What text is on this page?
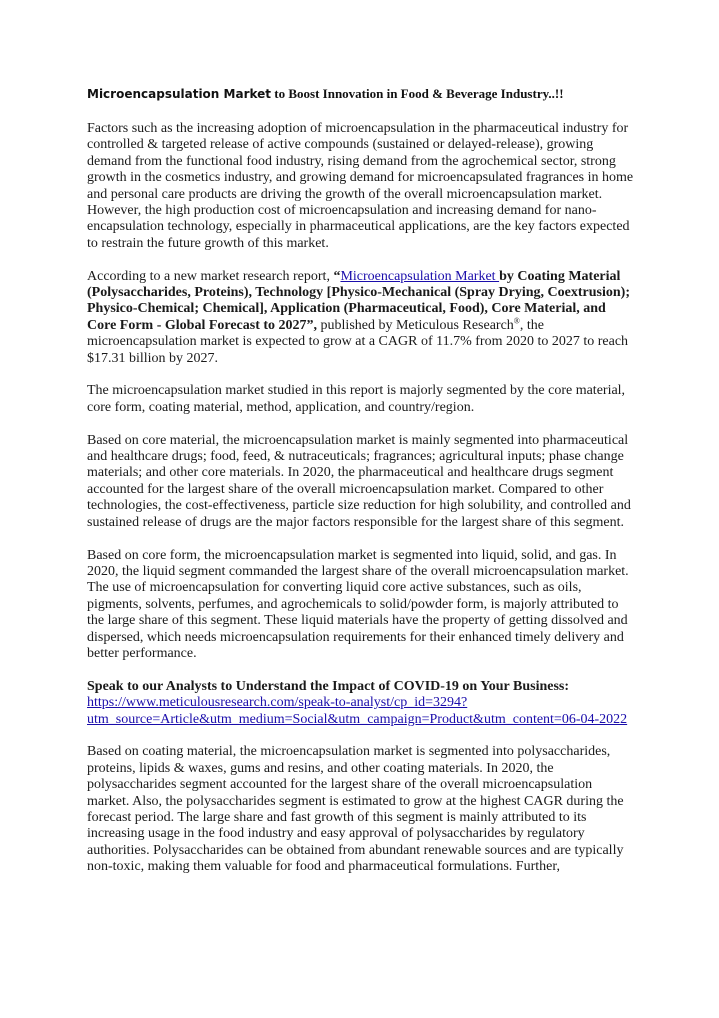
Microencapsulation Market to Boost Innovation in Food & Beverage Industry..!!

Factors such as the increasing adoption of microencapsulation in the pharmaceutical industry for controlled & targeted release of active compounds (sustained or delayed-release), growing demand from the functional food industry, rising demand from the agrochemical sector, strong growth in the cosmetics industry, and growing demand for microencapsulated fragrances in home and personal care products are driving the growth of the overall microencapsulation market. However, the high production cost of microencapsulation and increasing demand for nano-encapsulation technology, especially in pharmaceutical applications, are the key factors expected to restrain the future growth of this market.

According to a new market research report, “Microencapsulation Market by Coating Material (Polysaccharides, Proteins), Technology [Physico-Mechanical (Spray Drying, Coextrusion); Physico-Chemical; Chemical], Application (Pharmaceutical, Food), Core Material, and Core Form - Global Forecast to 2027”, published by Meticulous Research®, the microencapsulation market is expected to grow at a CAGR of 11.7% from 2020 to 2027 to reach $17.31 billion by 2027.

The microencapsulation market studied in this report is majorly segmented by the core material, core form, coating material, method, application, and country/region.

Based on core material, the microencapsulation market is mainly segmented into pharmaceutical and healthcare drugs; food, feed, & nutraceuticals; fragrances; agricultural inputs; phase change materials; and other core materials. In 2020, the pharmaceutical and healthcare drugs segment accounted for the largest share of the overall microencapsulation market. Compared to other technologies, the cost-effectiveness, particle size reduction for high solubility, and controlled and sustained release of drugs are the major factors responsible for the largest share of this segment.

Based on core form, the microencapsulation market is segmented into liquid, solid, and gas. In 2020, the liquid segment commanded the largest share of the overall microencapsulation market. The use of microencapsulation for converting liquid core active substances, such as oils, pigments, solvents, perfumes, and agrochemicals to solid/powder form, is majorly attributed to the large share of this segment. These liquid materials have the property of getting dissolved and dispersed, which needs microencapsulation requirements for their enhanced timely delivery and better performance.

Speak to our Analysts to Understand the Impact of COVID-19 on Your Business: https://www.meticulousresearch.com/speak-to-analyst/cp_id=3294?utm_source=Article&utm_medium=Social&utm_campaign=Product&utm_content=06-04-2022

Based on coating material, the microencapsulation market is segmented into polysaccharides, proteins, lipids & waxes, gums and resins, and other coating materials. In 2020, the polysaccharides segment accounted for the largest share of the overall microencapsulation market. Also, the polysaccharides segment is estimated to grow at the highest CAGR during the forecast period. The large share and fast growth of this segment is mainly attributed to its increasing usage in the food industry and easy approval of polysaccharides by regulatory authorities. Polysaccharides can be obtained from abundant renewable sources and are typically non-toxic, making them valuable for food and pharmaceutical formulations. Further,
